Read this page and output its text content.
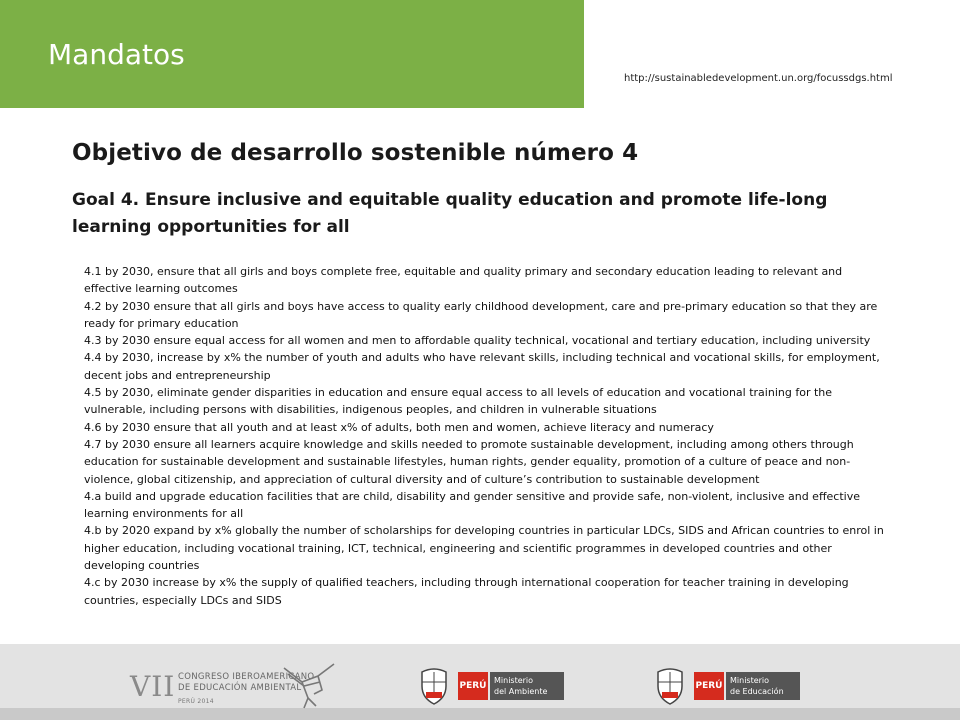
Mandatos
http://sustainabledevelopment.un.org/focussdgs.html
Objetivo de desarrollo sostenible número 4
Goal 4. Ensure inclusive and equitable quality education and promote life-long learning opportunities for all
4.1 by 2030, ensure that all girls and boys complete free, equitable and quality primary and secondary education leading to relevant and effective learning outcomes
4.2 by 2030 ensure that all girls and boys have access to quality early childhood development, care and pre-primary education so that they are ready for primary education
4.3 by 2030 ensure equal access for all women and men to affordable quality technical, vocational and tertiary education, including university
4.4 by 2030, increase by x% the number of youth and adults who have relevant skills, including technical and vocational skills, for employment, decent jobs and entrepreneurship
4.5 by 2030, eliminate gender disparities in education and ensure equal access to all levels of education and vocational training for the vulnerable, including persons with disabilities, indigenous peoples, and children in vulnerable situations
4.6 by 2030 ensure that all youth and at least x% of adults, both men and women, achieve literacy and numeracy
4.7 by 2030 ensure all learners acquire knowledge and skills needed to promote sustainable development, including among others through education for sustainable development and sustainable lifestyles, human rights, gender equality, promotion of a culture of peace and non-violence, global citizenship, and appreciation of cultural diversity and of culture’s contribution to sustainable development
4.a build and upgrade education facilities that are child, disability and gender sensitive and provide safe, non-violent, inclusive and effective learning environments for all
4.b by 2020 expand by x% globally the number of scholarships for developing countries in particular LDCs, SIDS and African countries to enrol in higher education, including vocational training, ICT, technical, engineering and scientific programmes in developed countries and other developing countries
4.c by 2030 increase by x% the supply of qualified teachers, including through international cooperation for teacher training in developing countries, especially LDCs and SIDS
VII CONGRESO IBEROAMERICANO
DE EDUCACIÓN AMBIENTAL
PERÚ 2014
PERÚ
Ministerio
del Ambiente
PERÚ
Ministerio
de Educación
